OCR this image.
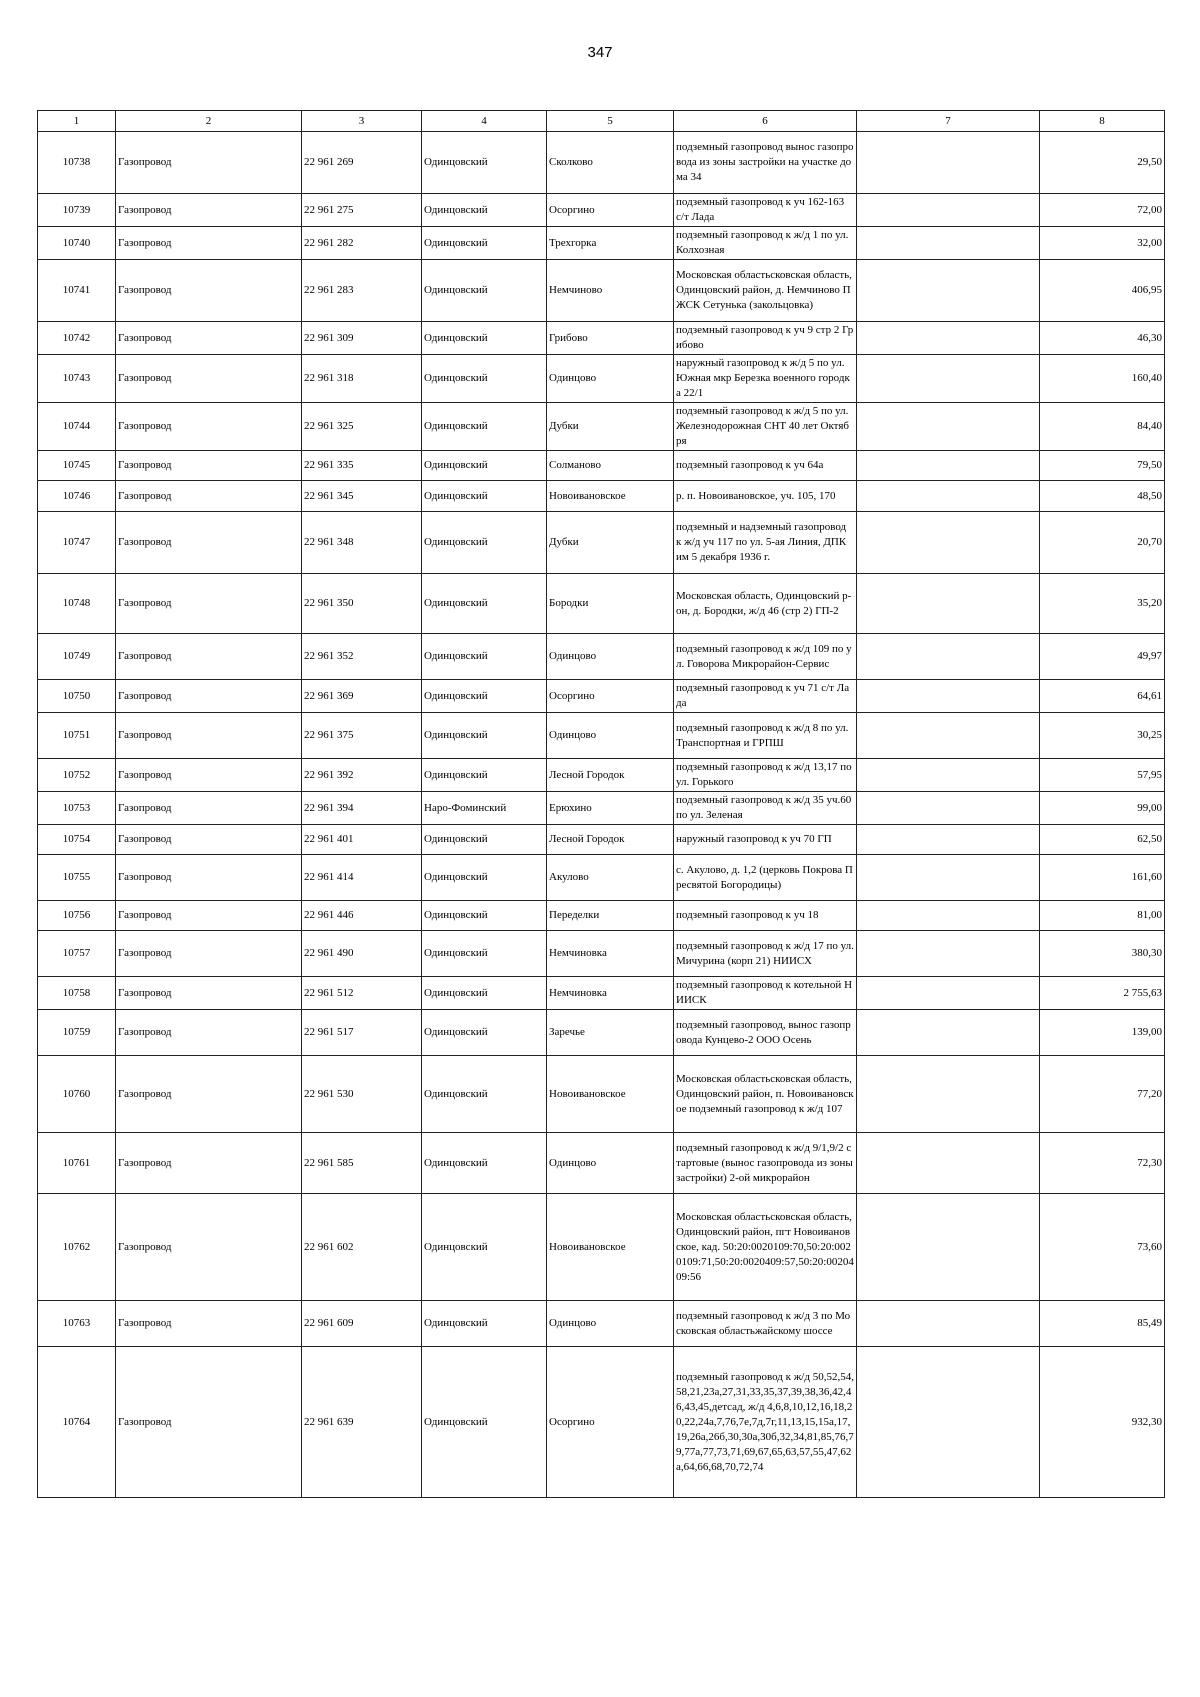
347
1	2	3	4	5	6	7	8
10738	Газопровод	22 961 269	Одинцовский	Сколково	подземный газопровод вынос газопровода из зоны застройки на участке дома 34		29,50
10739	Газопровод	22 961 275	Одинцовский	Осоргино	подземный газопровод к уч 162-163 с/т Лада		72,00
10740	Газопровод	22 961 282	Одинцовский	Трехгорка	подземный газопровод к ж/д 1 по ул. Колхозная		32,00
10741	Газопровод	22 961 283	Одинцовский	Немчиново	Московская областьсковская область, Одинцовский район, д. Немчиново ПЖСК Сетунька (закольцовка)		406,95
10742	Газопровод	22 961 309	Одинцовский	Грибово	подземный газопровод к уч 9 стр 2 Грибово		46,30
10743	Газопровод	22 961 318	Одинцовский	Одинцово	наружный газопровод к ж/д 5 по ул. Южная мкр Березка военного городка 22/1		160,40
10744	Газопровод	22 961 325	Одинцовский	Дубки	подземный газопровод к ж/д 5 по ул. Железнодорожная СНТ 40 лет Октября		84,40
10745	Газопровод	22 961 335	Одинцовский	Солманово	подземный газопровод к уч 64а		79,50
10746	Газопровод	22 961 345	Одинцовский	Новоивановское	р. п. Новоивановское, уч. 105, 170		48,50
10747	Газопровод	22 961 348	Одинцовский	Дубки	подземный и надземный газопровод к ж/д уч 117 по ул. 5-ая Линия, ДПК им 5 декабря 1936 г.		20,70
10748	Газопровод	22 961 350	Одинцовский	Бородки	Московская область, Одинцовский р-он, д. Бородки, ж/д 46 (стр 2) ГП-2		35,20
10749	Газопровод	22 961 352	Одинцовский	Одинцово	подземный газопровод к ж/д 109 по ул. Говорова Микрорайон-Сервис		49,97
10750	Газопровод	22 961 369	Одинцовский	Осоргино	подземный газопровод к уч 71 с/т Лада		64,61
10751	Газопровод	22 961 375	Одинцовский	Одинцово	подземный газопровод к ж/д 8 по ул. Транспортная и ГРПШ		30,25
10752	Газопровод	22 961 392	Одинцовский	Лесной Городок	подземный газопровод к ж/д 13,17 по ул. Горького		57,95
10753	Газопровод	22 961 394	Наро-Фоминский	Ерюхино	подземный газопровод к ж/д 35 уч.60 по ул. Зеленая		99,00
10754	Газопровод	22 961 401	Одинцовский	Лесной Городок	наружный газопровод к уч 70 ГП		62,50
10755	Газопровод	22 961 414	Одинцовский	Акулово	с. Акулово, д. 1,2 (церковь Покрова Пресвятой Богородицы)		161,60
10756	Газопровод	22 961 446	Одинцовский	Переделки	подземный газопровод к уч 18		81,00
10757	Газопровод	22 961 490	Одинцовский	Немчиновка	подземный газопровод к ж/д 17 по ул. Мичурина (корп 21) НИИСХ		380,30
10758	Газопровод	22 961 512	Одинцовский	Немчиновка	подземный газопровод к котельной НИИСК		2 755,63
10759	Газопровод	22 961 517	Одинцовский	Заречье	подземный газопровод, вынос газопровода Кунцево-2 ООО Осень		139,00
10760	Газопровод	22 961 530	Одинцовский	Новоивановское	Московская областьсковская область, Одинцовский район, п. Новоивановское подземный газопровод к ж/д 107		77,20
10761	Газопровод	22 961 585	Одинцовский	Одинцово	подземный газопровод к ж/д 9/1,9/2 стартовые (вынос газопровода из зоны застройки) 2-ой микрорайон		72,30
10762	Газопровод	22 961 602	Одинцовский	Новоивановское	Московская областьсковская область, Одинцовский район, пгт Новоивановское, кад. 50:20:0020109:70,50:20:0020109:71,50:20:0020409:57,50:20:0020409:56		73,60
10763	Газопровод	22 961 609	Одинцовский	Одинцово	подземный газопровод к ж/д 3 по Московская областьжайскому шоссе		85,49
10764	Газопровод	22 961 639	Одинцовский	Осоргино	подземный газопровод к ж/д 50,52,54,58,21,23а,27,31,33,35,37,39,38,36,42,46,43,45,детсад, ж/д 4,6,8,10,12,16,18,20,22,24а,7,76,7е,7д,7г,11,13,15,15а,17,19,26а,26б,30,30а,30б,32,34,81,85,76,79,77а,77,73,71,69,67,65,63,57,55,47,62а,64,66,68,70,72,74		932,30
